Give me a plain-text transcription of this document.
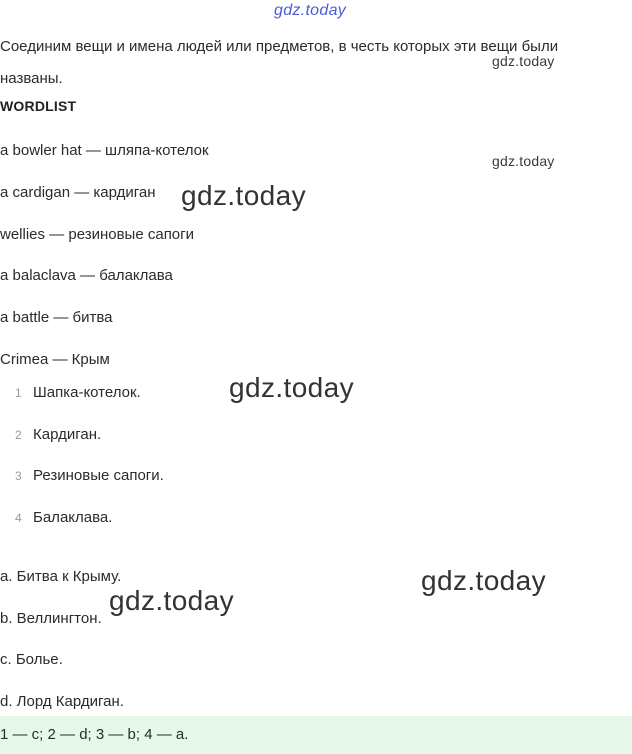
gdz.today
Соединим вещи и имена людей или предметов, в честь которых эти вещи были названы.
WORDLIST
a bowler hat — шляпа-котелок
a cardigan — кардиган
wellies — резиновые сапоги
a balaclava — балаклава
a battle — битва
Crimea — Крым
1 Шапка-котелок.
2 Кардиган.
3 Резиновые сапоги.
4 Балаклава.
a. Битва к Крыму.
b. Веллингтон.
c. Болье.
d. Лорд Кардиган.
1 — c; 2 — d; 3 — b; 4 — a.
gdz.today
gdz.today
gdz.today
gdz.today
gdz.today
gdz.today
